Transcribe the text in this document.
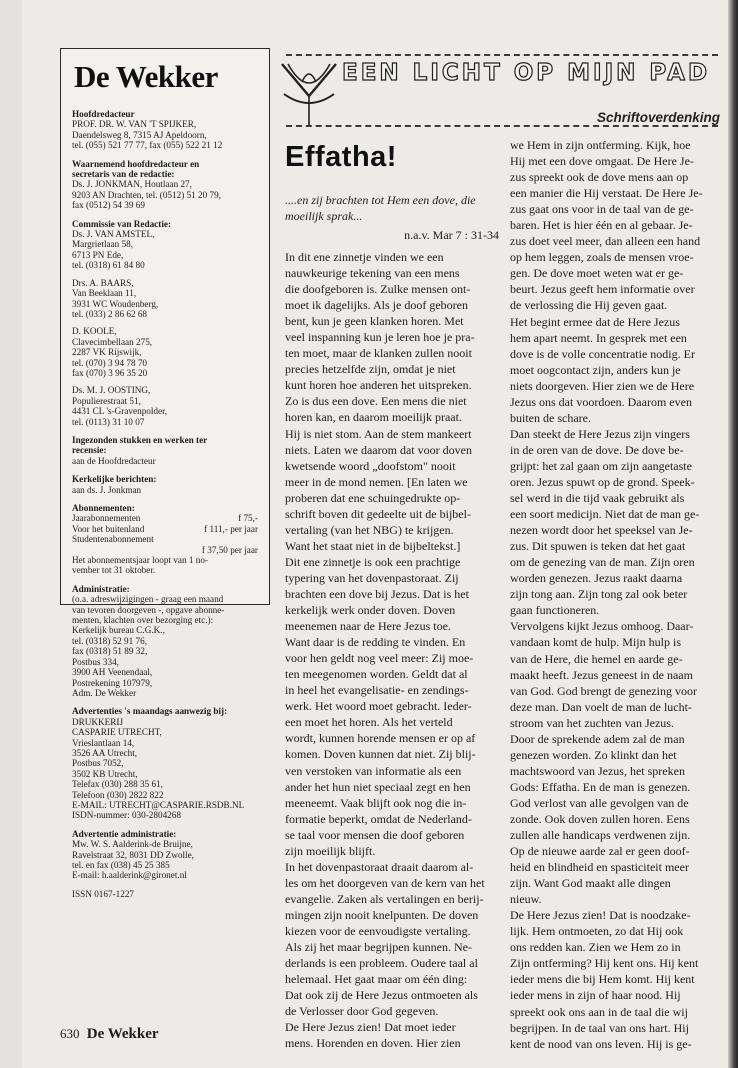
De Wekker
Hoofdredacteur
PROF. DR. W. VAN 'T SPIJKER,
Daendelsweg 8, 7315 AJ Apeldoorn,
tel. (055) 521 77 77, fax (055) 522 21 12
Waarnemend hoofdredacteur en
secretaris van de redactie:
Ds. J. JONKMAN, Houtlaan 27,
9203 AN Drachten, tel. (0512) 51 20 79,
fax (0512) 54 39 69
Commissie van Redactie:
Ds. J. VAN AMSTEL,
Margrietlaan 58,
6713 PN Ede,
tel. (0318) 61 84 80
Drs. A. BAARS,
Van Beeklaan 11,
3931 WC Woudenberg,
tel. (033) 2 86 62 68
D. KOOLE,
Clavecimbellaan 275,
2287 VK Rijswijk,
tel. (070) 3 94 78 70
fax (070) 3 96 35 20
Ds. M. J. OOSTING,
Populierestraat 51,
4431 CL 's-Gravenpolder,
tel. (0113) 31 10 07
Ingezonden stukken en werken ter
recensie:
aan de Hoofdredacteur
Kerkelijke berichten:
aan ds. J. Jonkman
Abonnementen:
Jaarabonnementen	f 75,-
Voor het buitenland	f 111,- per jaar
Studentenabonnement
f 37,50 per jaar
Het abonnementsjaar loopt van 1 no-
vember tot 31 oktober.
Administratie:
(o.a. adreswijzigingen - graag een maand
van tevoren doorgeven -, opgave abonne-
menten, klachten over bezorging etc.):
Kerkelijk bureau C.G.K.,
tel. (0318) 52 91 76,
fax (0318) 51 89 32,
Postbus 334,
3900 AH Veenendaal,
Postrekening 107979,
Adm. De Wekker
Advertenties 's maandags aanwezig bij:
DRUKKERIJ
CASPARIE UTRECHT,
Vrieslantlaan 14,
3526 AA Utrecht,
Postbus 7052,
3502 KB Utrecht,
Telefax (030) 288 35 61,
Telefoon (030) 2822 822
E-MAIL: UTRECHT@CASPARIE.RSDB.NL
ISDN-nummer: 030-2804268
Advertentie administratie:
Mw. W. S. Aalderink-de Bruijne,
Ravelstraat 32, 8031 DD Zwolle,
tel. en fax (038) 45 25 385
E-mail: h.aalderink@gironet.nl
ISSN 0167-1227
EEN LICHT OP MIJN PAD
Schriftoverdenking
Effatha!
....en zij brachten tot Hem een dove, die
moeilijk sprak...
n.a.v. Mar 7 : 31-34
In dit ene zinnetje vinden we een
nauwkeurige tekening van een mens
die doofgeboren is. Zulke mensen ont-
moet ik dagelijks. Als je doof geboren
bent, kun je geen klanken horen. Met
veel inspanning kun je leren hoe je pra-
ten moet, maar de klanken zullen nooit
precies hetzelfde zijn, omdat je niet
kunt horen hoe anderen het uitspreken.
Zo is dus een dove. Een mens die niet
horen kan, en daarom moeilijk praat.
Hij is niet stom. Aan de stem mankeert
niets. Laten we daarom dat voor doven
kwetsende woord „doofstom" nooit
meer in de mond nemen. [En laten we
proberen dat ene schuingedrukte op-
schrift boven dit gedeelte uit de bijbel-
vertaling (van het NBG) te krijgen.
Want het staat niet in de bijbeltekst.]
Dit ene zinnetje is ook een prachtige
typering van het dovenpastoraat. Zij
brachten een dove bij Jezus. Dat is het
kerkelijk werk onder doven. Doven
meenemen naar de Here Jezus toe.
Want daar is de redding te vinden. En
voor hen geldt nog veel meer: Zij moe-
ten meegenomen worden. Geldt dat al
in heel het evangelisatie- en zendings-
werk. Het woord moet gebracht. Ieder-
een moet het horen. Als het verteld
wordt, kunnen horende mensen er op af
komen. Doven kunnen dat niet. Zij blij-
ven verstoken van informatie als een
ander het hun niet speciaal zegt en hen
meeneemt. Vaak blijft ook nog die in-
formatie beperkt, omdat de Nederland-
se taal voor mensen die doof geboren
zijn moeilijk blijft.
In het dovenpastoraat draait daarom al-
les om het doorgeven van de kern van het
evangelie. Zaken als vertalingen en berij-
mingen zijn nooit knelpunten. De doven
kiezen voor de eenvoudigste vertaling.
Als zij het maar begrijpen kunnen. Ne-
derlands is een probleem. Oudere taal al
helemaal. Het gaat maar om één ding:
Dat ook zij de Here Jezus ontmoeten als
de Verlosser door God gegeven.
De Here Jezus zien! Dat moet ieder
mens. Horenden en doven. Hier zien
we Hem in zijn ontferming. Kijk, hoe
Hij met een dove omgaat. De Here Je-
zus spreekt ook de dove mens aan op
een manier die Hij verstaat. De Here Je-
zus gaat ons voor in de taal van de ge-
baren. Het is hier één en al gebaar. Je-
zus doet veel meer, dan alleen een hand
op hem leggen, zoals de mensen vroe-
gen. De dove moet weten wat er ge-
beurt. Jezus geeft hem informatie over
de verlossing die Hij geven gaat.
Het begint ermee dat de Here Jezus
hem apart neemt. In gesprek met een
dove is de volle concentratie nodig. Er
moet oogcontact zijn, anders kun je
niets doorgeven. Hier zien we de Here
Jezus ons dat voordoen. Daarom even
buiten de schare.
Dan steekt de Here Jezus zijn vingers
in de oren van de dove. De dove be-
grijpt: het zal gaan om zijn aangetaste
oren. Jezus spuwt op de grond. Speek-
sel werd in die tijd vaak gebruikt als
een soort medicijn. Niet dat de man ge-
nezen wordt door het speeksel van Je-
zus. Dit spuwen is teken dat het gaat
om de genezing van de man. Zijn oren
worden genezen. Jezus raakt daarna
zijn tong aan. Zijn tong zal ook beter
gaan functioneren.
Vervolgens kijkt Jezus omhoog. Daar-
vandaan komt de hulp. Mijn hulp is
van de Here, die hemel en aarde ge-
maakt heeft. Jezus geneest in de naam
van God. God brengt de genezing voor
deze man. Dan voelt de man de lucht-
stroom van het zuchten van Jezus.
Door de sprekende adem zal de man
genezen worden. Zo klinkt dan het
machtswoord van Jezus, het spreken
Gods: Effatha. En de man is genezen.
God verlost van alle gevolgen van de
zonde. Ook doven zullen horen. Eens
zullen alle handicaps verdwenen zijn.
Op de nieuwe aarde zal er geen doof-
heid en blindheid en spasticiteit meer
zijn. Want God maakt alle dingen
nieuw.
De Here Jezus zien! Dat is noodzake-
lijk. Hem ontmoeten, zo dat Hij ook
ons redden kan. Zien we Hem zo in
Zijn ontferming? Hij kent ons. Hij kent
ieder mens die bij Hem komt. Hij kent
ieder mens in zijn of haar nood. Hij
spreekt ook ons aan in de taal die wij
begrijpen. In de taal van ons hart. Hij
kent de nood van ons leven. Hij is ge-
630 De Wekker
